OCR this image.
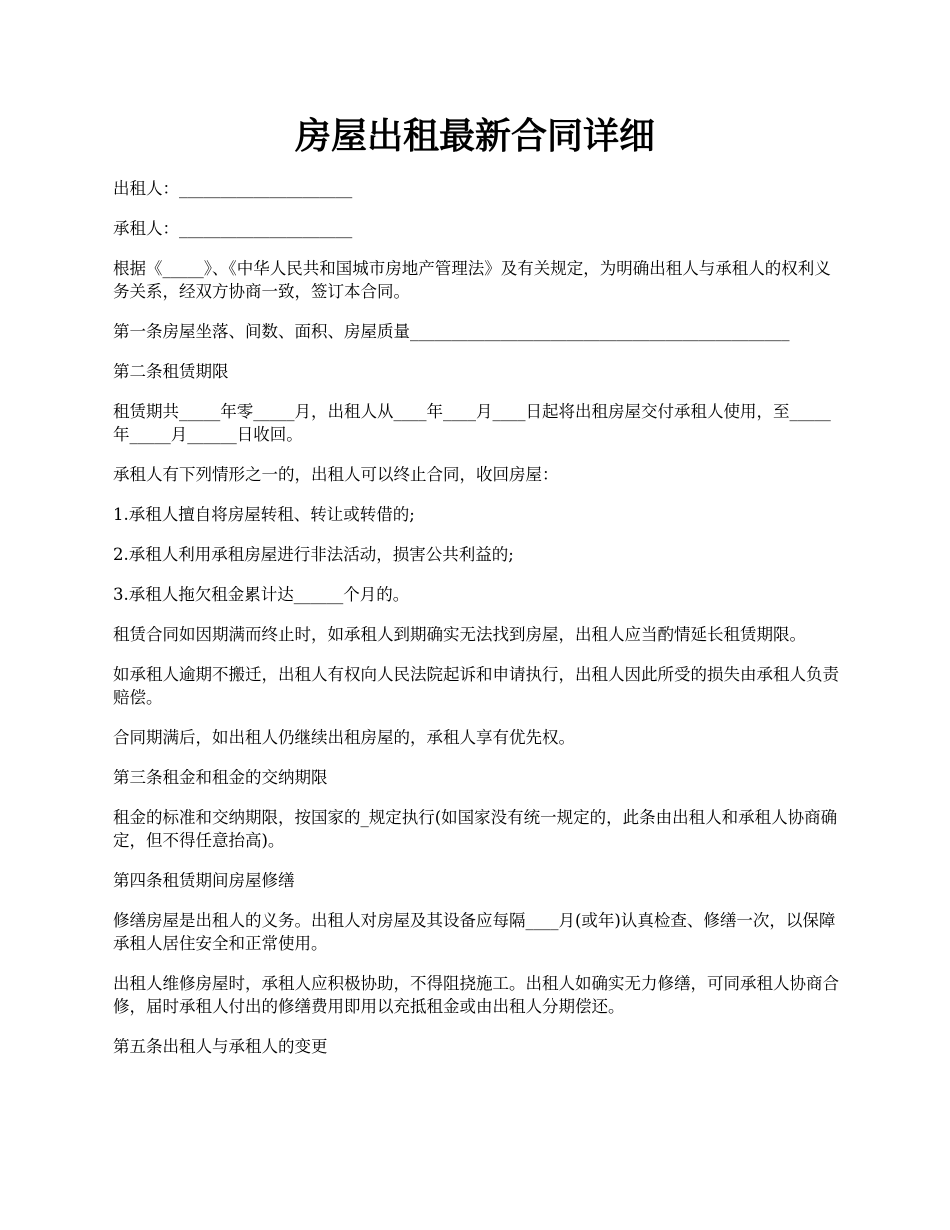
房屋出租最新合同详细

出租人：_____________________

承租人：_____________________

根据《_____》、《中华人民共和国城市房地产管理法》及有关规定，为明确出租人与承租人的权利义务关系，经双方协商一致，签订本合同。

第一条房屋坐落、间数、面积、房屋质量______________________________________________

第二条租赁期限

租赁期共_____年零_____月，出租人从____年____月____日起将出租房屋交付承租人使用，至_____年_____月______日收回。

承租人有下列情形之一的，出租人可以终止合同，收回房屋：

1.承租人擅自将房屋转租、转让或转借的;

2.承租人利用承租房屋进行非法活动，损害公共利益的;

3.承租人拖欠租金累计达______个月的。

租赁合同如因期满而终止时，如承租人到期确实无法找到房屋，出租人应当酌情延长租赁期限。

如承租人逾期不搬迁，出租人有权向人民法院起诉和申请执行，出租人因此所受的损失由承租人负责赔偿。

合同期满后，如出租人仍继续出租房屋的，承租人享有优先权。

第三条租金和租金的交纳期限

租金的标准和交纳期限，按国家的_规定执行(如国家没有统一规定的，此条由出租人和承租人协商确定，但不得任意抬高)。

第四条租赁期间房屋修缮

修缮房屋是出租人的义务。出租人对房屋及其设备应每隔____月(或年)认真检查、修缮一次，以保障承租人居住安全和正常使用。

出租人维修房屋时，承租人应积极协助，不得阻挠施工。出租人如确实无力修缮，可同承租人协商合修，届时承租人付出的修缮费用即用以充抵租金或由出租人分期偿还。

第五条出租人与承租人的变更
